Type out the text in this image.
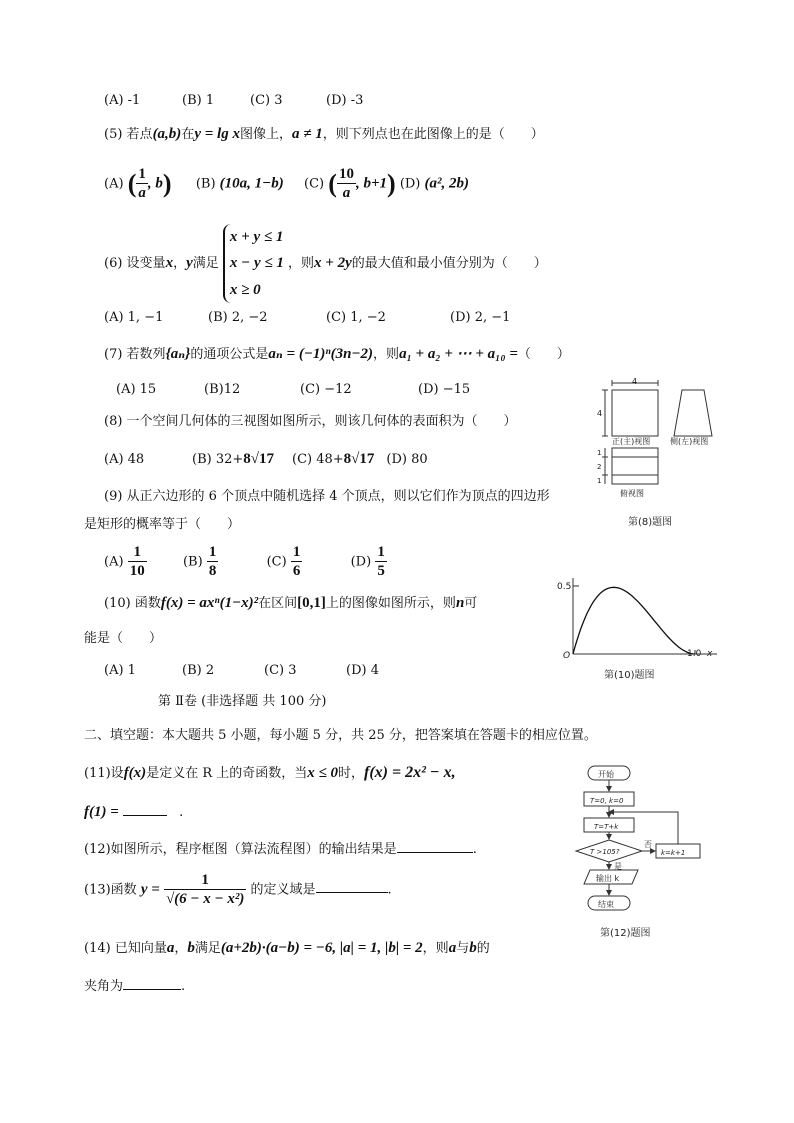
(A) -1	(B) 1	(C) 3	(D) -3
(5) 若点(a,b)在y = lg x图像上，a ≠ 1，则下列点也在此图像上的是（　　）
(A) ( $\frac{1}{a}$ , b) (B) (10a, 1−b) (C) ( $\frac{10}{a}$ , b+1) (D) (a², 2b)
(6) 设变量x，y满足
x + y ≤ 1
x − y ≤ 1
x ≥ 0
，则x + 2y的最大值和最小值分别为（　　）
(A) 1, −1	(B) 2, −2	(C) 1, −2	(D) 2, −1
(7) 若数列{aₙ}的通项公式是aₙ = (−1)ⁿ(3n−2)，则a₁ + a₂ + ⋯ + a₁₀ =（　　）
(A) 15	(B)12	(C) −12	(D) −15
(8) 一个空间几何体的三视图如图所示，则该几何体的表面积为（　　）
(A) 48	(B) 32+8√17 (C) 48+8√17 (D) 80
4
4
1
2
1
正(主)视图 侧(左)视图
俯视图
第(8)题图
(9) 从正六边形的 6 个顶点中随机选择 4 个顶点，则以它们作为顶点的四边形
是矩形的概率等于（　　）
$(A) \frac{1}{10}$	$(B) \frac{1}{8}$	$(C) \frac{1}{6}$	$(D) \frac{1}{5}$
(10) 函数f(x) = axⁿ(1−x)²在区间[0,1]上的图像如图所示，则n可
能是（　　）
(A) 1	(B) 2	(C) 3	(D) 4
0.5
1.0 x
O
第(10)题图
第 Ⅱ卷 (非选择题 共 100 分)
二、填空题：本大题共 5 小题，每小题 5 分，共 25 分，把答案填在答题卡的相应位置。
(11)设f(x)是定义在 R 上的奇函数，当x ≤ 0时，f(x) = 2x² − x,
f(1) =	.
(12)如图所示，程序框图（算法流程图）的输出结果是	.
开始
T=0, k=0
T=T+k
T >105?
否
是
k=k+1
输出 k
结束
第(12)题图
(13)函数 $y = \frac{1}{\text{√(6 − x − x²)}}$ 的定义域是	.
(14) 已知向量a，b满足(a+2b)·(a−b) = −6, |a| = 1, |b| = 2，则a与b的
夹角为	.
